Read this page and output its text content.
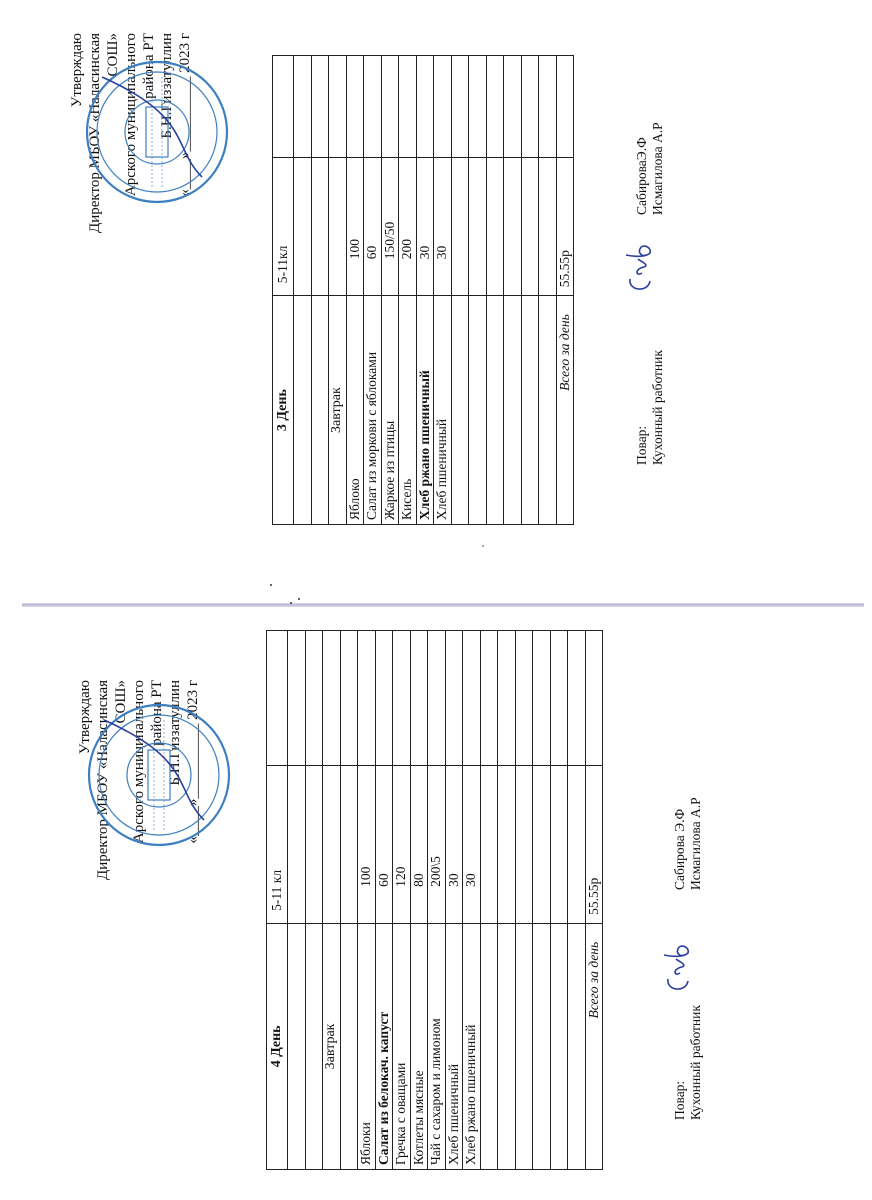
3 День	5-11кл	

Завтрак		
Яблоко	100	
Салат из моркови с яблоками	60	
Жаркое из птицы	150/50	
Кисель	200	
Хлеб ржано пшеничный	30	
Хлеб пшеничный	30	

Всего за день	55.55р	
Повар:СабироваЭ.Ф
Кухонный работникИсмагилова А.Р
Утверждаю Директор МБОУ «Наласинская СОШ» Арского муниципального района РТ Б.Н.Гиззатуллин «____»__________ 2023 г
4 День	5-11 кл	

Завтрак		

Яблоки	100	
Салат из белокач. капуст	60	
Гречка с оващами	120	
Котлеты мясные	80	
Чай с сахаром и лимоном	200\5	
Хлеб пшеничный	30	
Хлеб ржано пшеничный	30	

Всего за день	55.55р	
Повар:Сабирова Э.Ф
Кухонный работникИсмагилова А.Р
Утверждаю Директор МБОУ «Наласинская СОШ» Арского муниципального района РТ Б.Н.Гиззатуллин «____»__________ 2023 г
